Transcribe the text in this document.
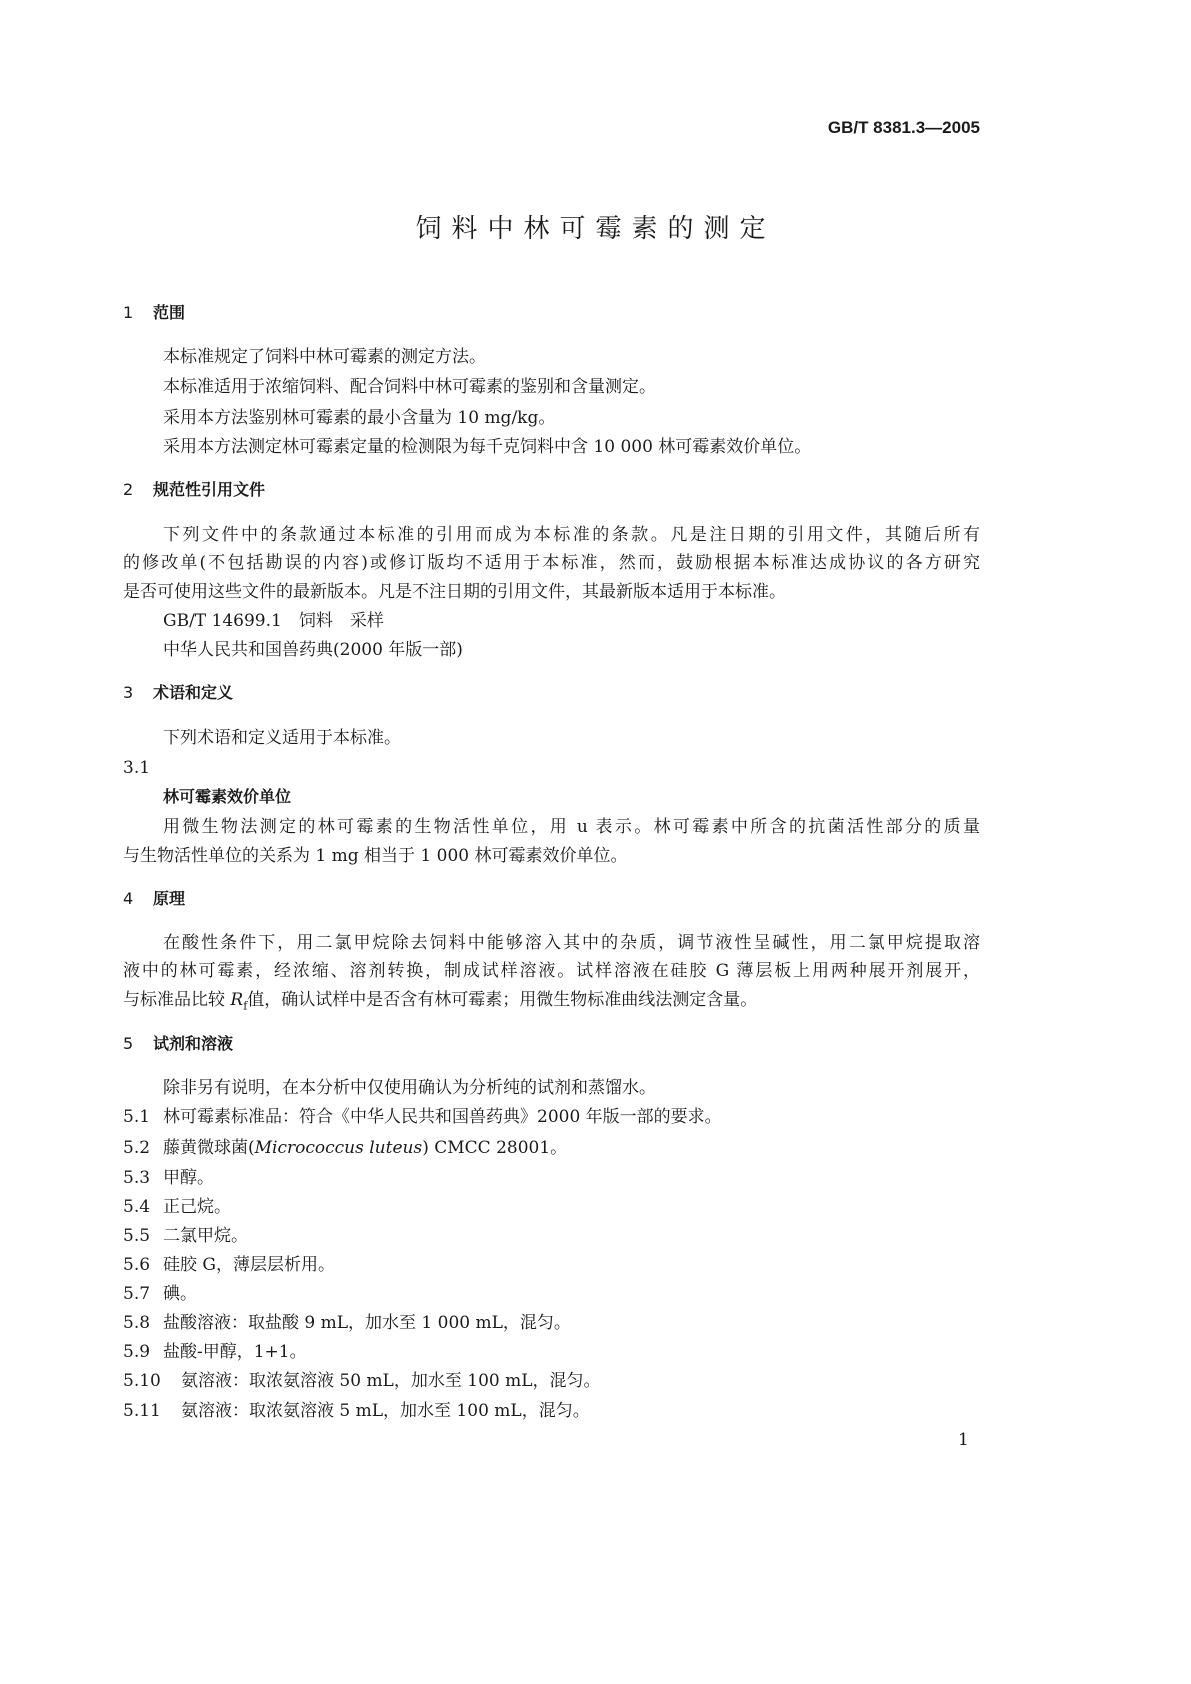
GB/T 8381.3—2005
饲料中林可霉素的测定
1 范围
本标准规定了饲料中林可霉素的测定方法。
本标准适用于浓缩饲料、配合饲料中林可霉素的鉴别和含量测定。
采用本方法鉴别林可霉素的最小含量为 10 mg/kg。
采用本方法测定林可霉素定量的检测限为每千克饲料中含 10 000 林可霉素效价单位。
2 规范性引用文件
下列文件中的条款通过本标准的引用而成为本标准的条款。凡是注日期的引用文件，其随后所有
的修改单(不包括勘误的内容)或修订版均不适用于本标准，然而，鼓励根据本标准达成协议的各方研究
是否可使用这些文件的最新版本。凡是不注日期的引用文件，其最新版本适用于本标准。
GB/T 14699.1　饲料　采样
中华人民共和国兽药典(2000 年版一部)
3 术语和定义
下列术语和定义适用于本标准。
3.1
林可霉素效价单位
用微生物法测定的林可霉素的生物活性单位，用 u 表示。林可霉素中所含的抗菌活性部分的质量
与生物活性单位的关系为 1 mg 相当于 1 000 林可霉素效价单位。
4 原理
在酸性条件下，用二氯甲烷除去饲料中能够溶入其中的杂质，调节液性呈碱性，用二氯甲烷提取溶
液中的林可霉素，经浓缩、溶剂转换，制成试样溶液。试样溶液在硅胶 G 薄层板上用两种展开剂展开，
与标准品比较 $R_f$值，确认试样中是否含有林可霉素；用微生物标准曲线法测定含量。
5 试剂和溶液
除非另有说明，在本分析中仅使用确认为分析纯的试剂和蒸馏水。
5.1 林可霉素标准品：符合《中华人民共和国兽药典》2000 年版一部的要求。
5.2 藤黄微球菌(Micrococcus luteus) CMCC 28001。
5.3 甲醇。
5.4 正己烷。
5.5 二氯甲烷。
5.6 硅胶 G，薄层层析用。
5.7 碘。
5.8 盐酸溶液：取盐酸 9 mL，加水至 1 000 mL，混匀。
5.9 盐酸-甲醇，1+1。
5.10 氨溶液：取浓氨溶液 50 mL，加水至 100 mL，混匀。
5.11 氨溶液：取浓氨溶液 5 mL，加水至 100 mL，混匀。
1
